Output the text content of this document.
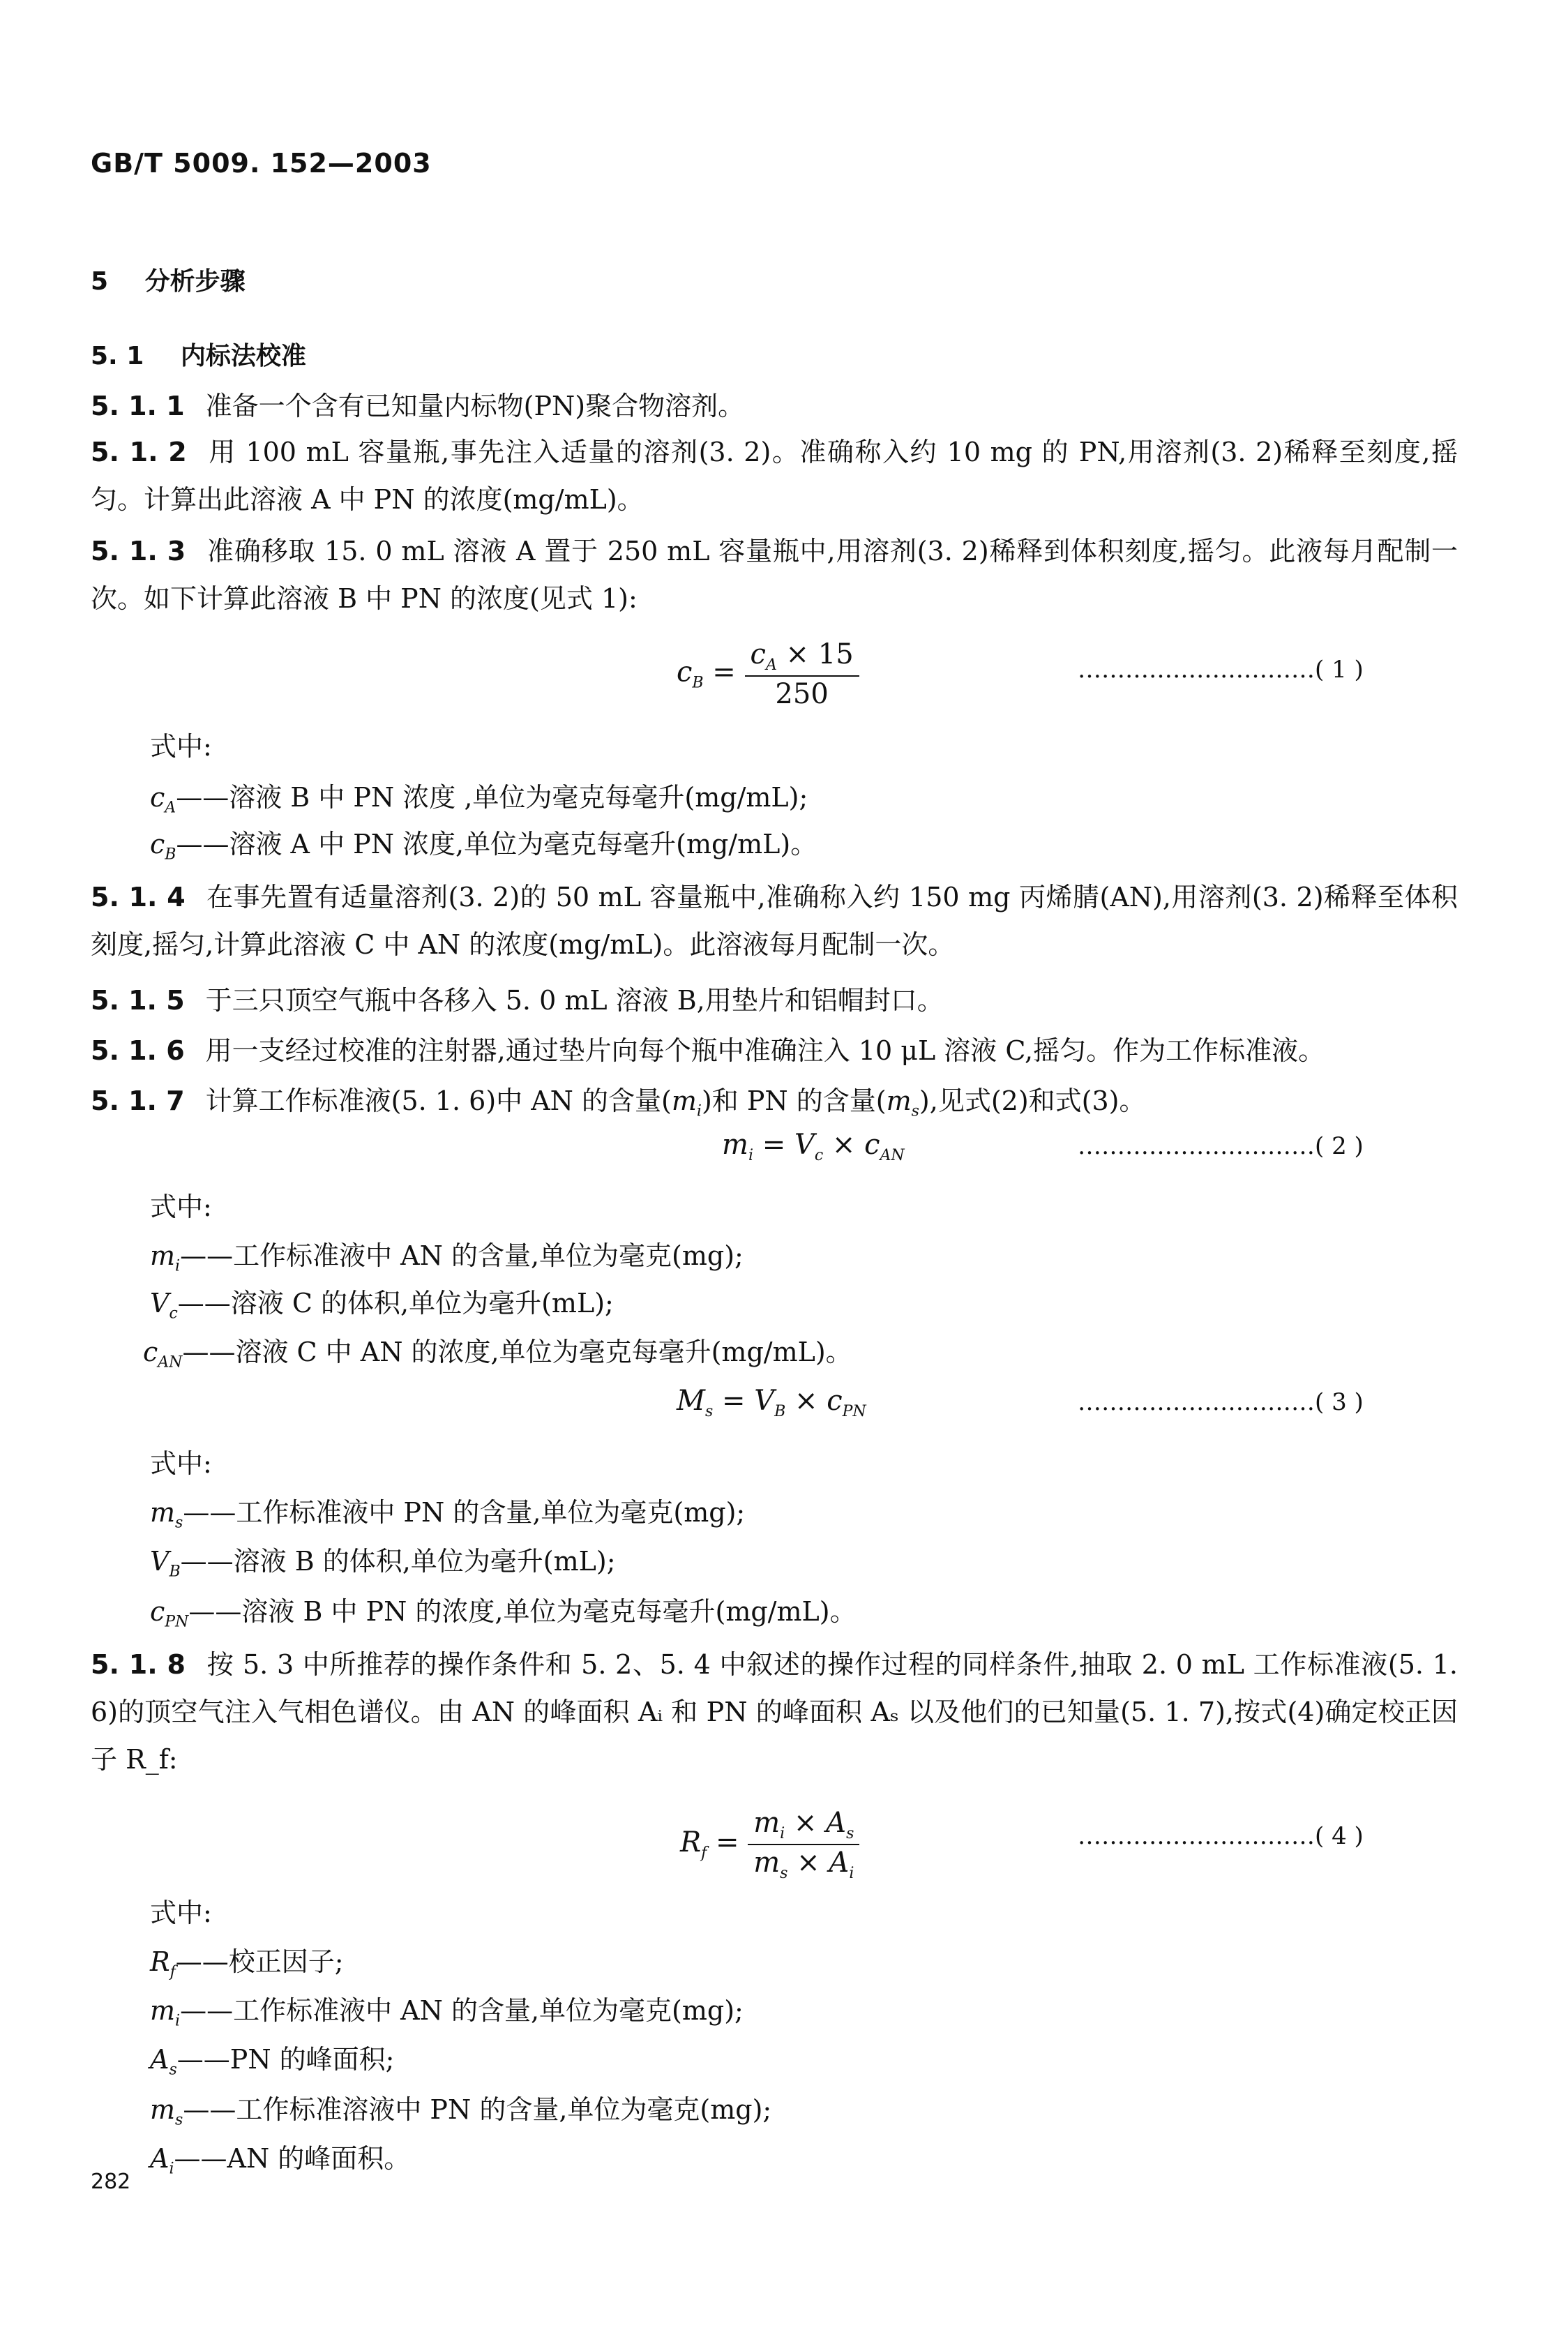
GB/T 5009. 152—2003
5 分析步骤
5. 1 内标法校准
5. 1. 1 准备一个含有已知量内标物(PN)聚合物溶剂。
5. 1. 2 用 100 mL 容量瓶,事先注入适量的溶剂(3. 2)。准确称入约 10 mg 的 PN,用溶剂(3. 2)稀释至刻度,摇匀。计算出此溶液 A 中 PN 的浓度(mg/mL)。
5. 1. 3 准确移取 15. 0 mL 溶液 A 置于 250 mL 容量瓶中,用溶剂(3. 2)稀释到体积刻度,摇匀。此液每月配制一次。如下计算此溶液 B 中 PN 的浓度(见式 1):
$c_B = \frac{c_A \times 15}{250}$	…………………………( 1 )
式中:
$c_A——$溶液 B 中 PN 浓度 ,单位为毫克每毫升(mg/mL);
$c_B——$溶液 A 中 PN 浓度,单位为毫克每毫升(mg/mL)。
5. 1. 4 在事先置有适量溶剂(3. 2)的 50 mL 容量瓶中,准确称入约 150 mg 丙烯腈(AN),用溶剂(3. 2)稀释至体积刻度,摇匀,计算此溶液 C 中 AN 的浓度(mg/mL)。此溶液每月配制一次。
5. 1. 5 于三只顶空气瓶中各移入 5. 0 mL 溶液 B,用垫片和铝帽封口。
5. 1. 6 用一支经过校准的注射器,通过垫片向每个瓶中准确注入 10 μL 溶液 C,摇匀。作为工作标准液。
5. 1. 7 计算工作标准液(5. 1. 6)中 AN 的含量$(m_i)$和 PN 的含量$(m_s)$,见式(2)和式(3)。
$m_i = V_c \times c_{AN}$	…………………………( 2 )
式中:
$m_i——$工作标准液中 AN 的含量,单位为毫克(mg);
$V_c——$溶液 C 的体积,单位为毫升(mL);
$c_{AN}——$溶液 C 中 AN 的浓度,单位为毫克每毫升(mg/mL)。
$M_s = V_B \times c_{PN}$	…………………………( 3 )
式中:
$m_s——$工作标准液中 PN 的含量,单位为毫克(mg);
$V_B——$溶液 B 的体积,单位为毫升(mL);
$c_{PN}——$溶液 B 中 PN 的浓度,单位为毫克每毫升(mg/mL)。
5. 1. 8 按 5. 3 中所推荐的操作条件和 5. 2、5. 4 中叙述的操作过程的同样条件,抽取 2. 0 mL 工作标准液(5. 1. 6)的顶空气注入气相色谱仪。由 AN 的峰面积 Aᵢ 和 PN 的峰面积 Aₛ 以及他们的已知量(5. 1. 7),按式(4)确定校正因子 R_f:
$R_f = \frac{m_i \times A_s}{m_s \times A_i}$	…………………………( 4 )
式中:
$R_f——$校正因子;
$m_i——$工作标准液中 AN 的含量,单位为毫克(mg);
$A_s——PN$ 的峰面积;
$m_s——$工作标准溶液中 PN 的含量,单位为毫克(mg);
$A_i——AN$ 的峰面积。
282
